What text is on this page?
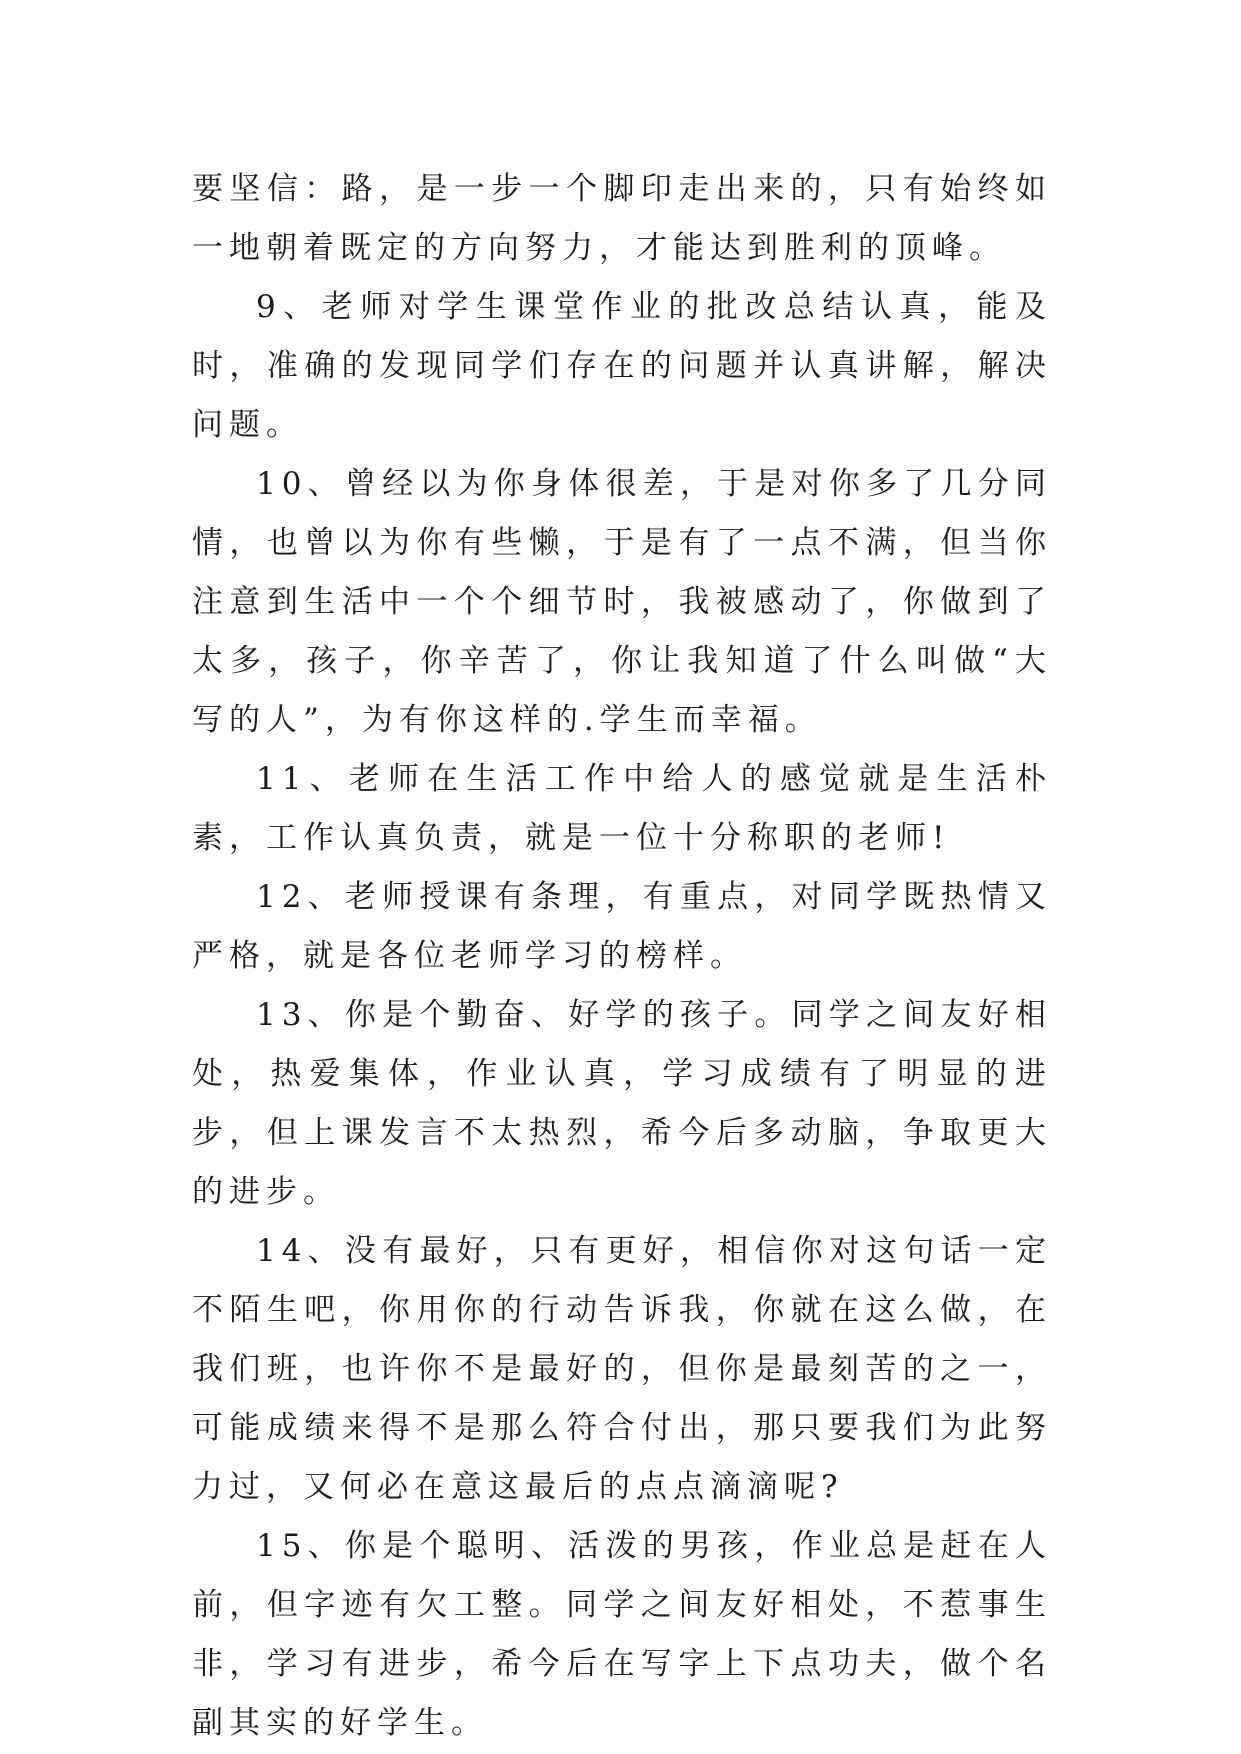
要坚信：路，是一步一个脚印走出来的，只有始终如一地朝着既定的方向努力，才能达到胜利的顶峰。

9、老师对学生课堂作业的批改总结认真，能及时，准确的发现同学们存在的问题并认真讲解，解决问题。

10、曾经以为你身体很差，于是对你多了几分同情，也曾以为你有些懒，于是有了一点不满，但当你注意到生活中一个个细节时，我被感动了，你做到了太多，孩子，你辛苦了，你让我知道了什么叫做“大写的人”，为有你这样的.学生而幸福。

11、老师在生活工作中给人的感觉就是生活朴素，工作认真负责，就是一位十分称职的老师!

12、老师授课有条理，有重点，对同学既热情又严格，就是各位老师学习的榜样。

13、你是个勤奋、好学的孩子。同学之间友好相处，热爱集体，作业认真，学习成绩有了明显的进步，但上课发言不太热烈，希今后多动脑，争取更大的进步。

14、没有最好，只有更好，相信你对这句话一定不陌生吧，你用你的行动告诉我，你就在这么做，在我们班，也许你不是最好的，但你是最刻苦的之一，可能成绩来得不是那么符合付出，那只要我们为此努力过，又何必在意这最后的点点滴滴呢?

15、你是个聪明、活泼的男孩，作业总是赶在人前，但字迹有欠工整。同学之间友好相处，不惹事生非，学习有进步，希今后在写字上下点功夫，做个名副其实的好学生。
